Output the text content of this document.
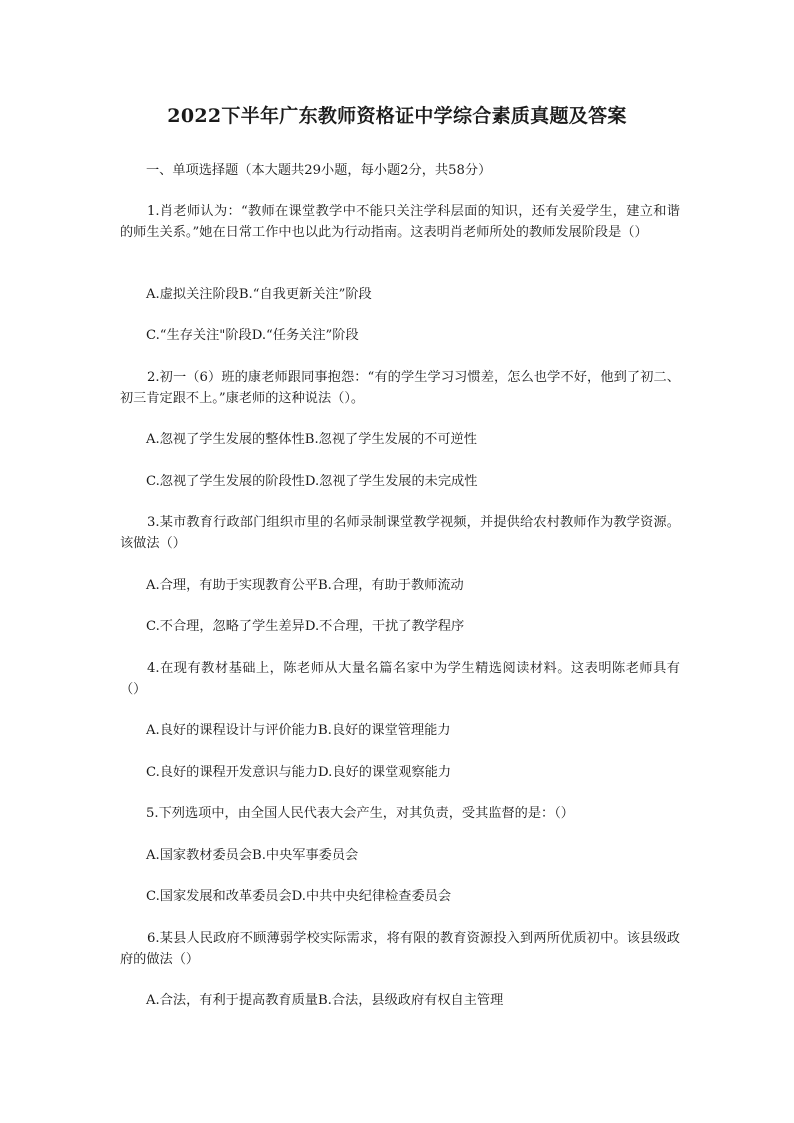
2022下半年广东教师资格证中学综合素质真题及答案

一、单项选择题（本大题共29小题，每小题2分，共58分）

1.肖老师认为：“教师在课堂教学中不能只关注学科层面的知识，还有关爱学生，建立和谐的师生关系。”她在日常工作中也以此为行动指南。这表明肖老师所处的教师发展阶段是（）

A.虚拟关注阶段B.“自我更新关注”阶段

C.“生存关注"阶段D.“任务关注”阶段

2.初一（6）班的康老师跟同事抱怨：“有的学生学习习惯差，怎么也学不好，他到了初二、初三肯定跟不上。”康老师的这种说法（）。

A.忽视了学生发展的整体性B.忽视了学生发展的不可逆性

C.忽视了学生发展的阶段性D.忽视了学生发展的未完成性

3.某市教育行政部门组织市里的名师录制课堂教学视频，并提供给农村教师作为教学资源。该做法（）

A.合理，有助于实现教育公平B.合理，有助于教师流动

C.不合理，忽略了学生差异D.不合理，干扰了教学程序

4.在现有教材基础上，陈老师从大量名篇名家中为学生精选阅读材料。这表明陈老师具有（）

A.良好的课程设计与评价能力B.良好的课堂管理能力

C.良好的课程开发意识与能力D.良好的课堂观察能力

5.下列选项中，由全国人民代表大会产生，对其负责，受其监督的是：（）

A.国家教材委员会B.中央军事委员会

C.国家发展和改革委员会D.中共中央纪律检查委员会

6.某县人民政府不顾薄弱学校实际需求，将有限的教育资源投入到两所优质初中。该县级政府的做法（）

A.合法，有利于提高教育质量B.合法，县级政府有权自主管理
